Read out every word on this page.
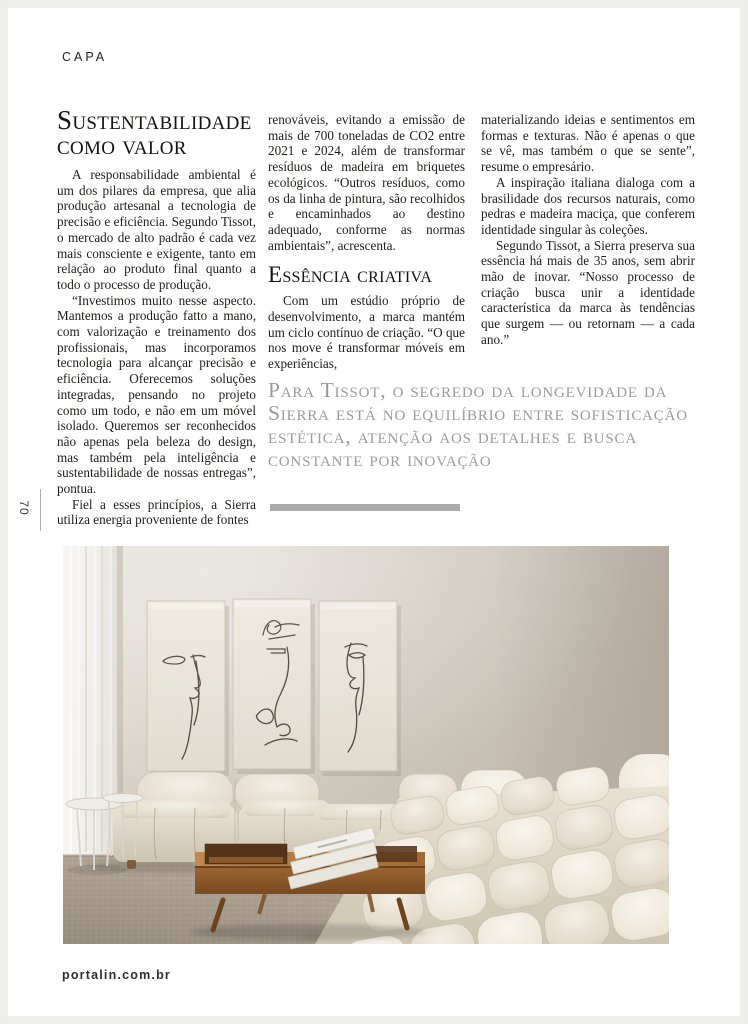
CAPA
Sustentabilidade como valor

A responsabilidade ambiental é um dos pilares da empresa, que alia produção artesanal a tecnologia de precisão e eficiência. Segundo Tissot, o mercado de alto padrão é cada vez mais consciente e exigente, tanto em relação ao produto final quanto a todo o processo de produção.

“Investimos muito nesse aspecto. Mantemos a produção fatto a mano, com valorização e treinamento dos profissionais, mas incorporamos tecnologia para alcançar precisão e eficiência. Oferecemos soluções integradas, pensando no projeto como um todo, e não em um móvel isolado. Queremos ser reconhecidos não apenas pela beleza do design, mas também pela inteligência e sustentabilidade de nossas entregas”, pontua.

Fiel a esses princípios, a Sierra utiliza energia proveniente de fontes

renováveis, evitando a emissão de mais de 700 toneladas de CO2 entre 2021 e 2024, além de transformar resíduos de madeira em briquetes ecológicos. “Outros resíduos, como os da linha de pintura, são recolhidos e encaminhados ao destino adequado, conforme as normas ambientais”, acrescenta.

Essência criativa

Com um estúdio próprio de desenvolvimento, a marca mantém um ciclo contínuo de criação. “O que nos move é transformar móveis em experiências,

materializando ideias e sentimentos em formas e texturas. Não é apenas o que se vê, mas também o que se sente”, resume o empresário.

A inspiração italiana dialoga com a brasilidade dos recursos naturais, como pedras e madeira maciça, que conferem identidade singular às coleções.

Segundo Tissot, a Sierra preserva sua essência há mais de 35 anos, sem abrir mão de inovar. “Nosso processo de criação busca unir a identidade característica da marca às tendências que surgem — ou retornam — a cada ano.”

Para Tissot, o segredo da longevidade da Sierra está no equilíbrio entre sofisticação estética, atenção aos detalhes e busca constante por inovação
70
portalin.com.br
